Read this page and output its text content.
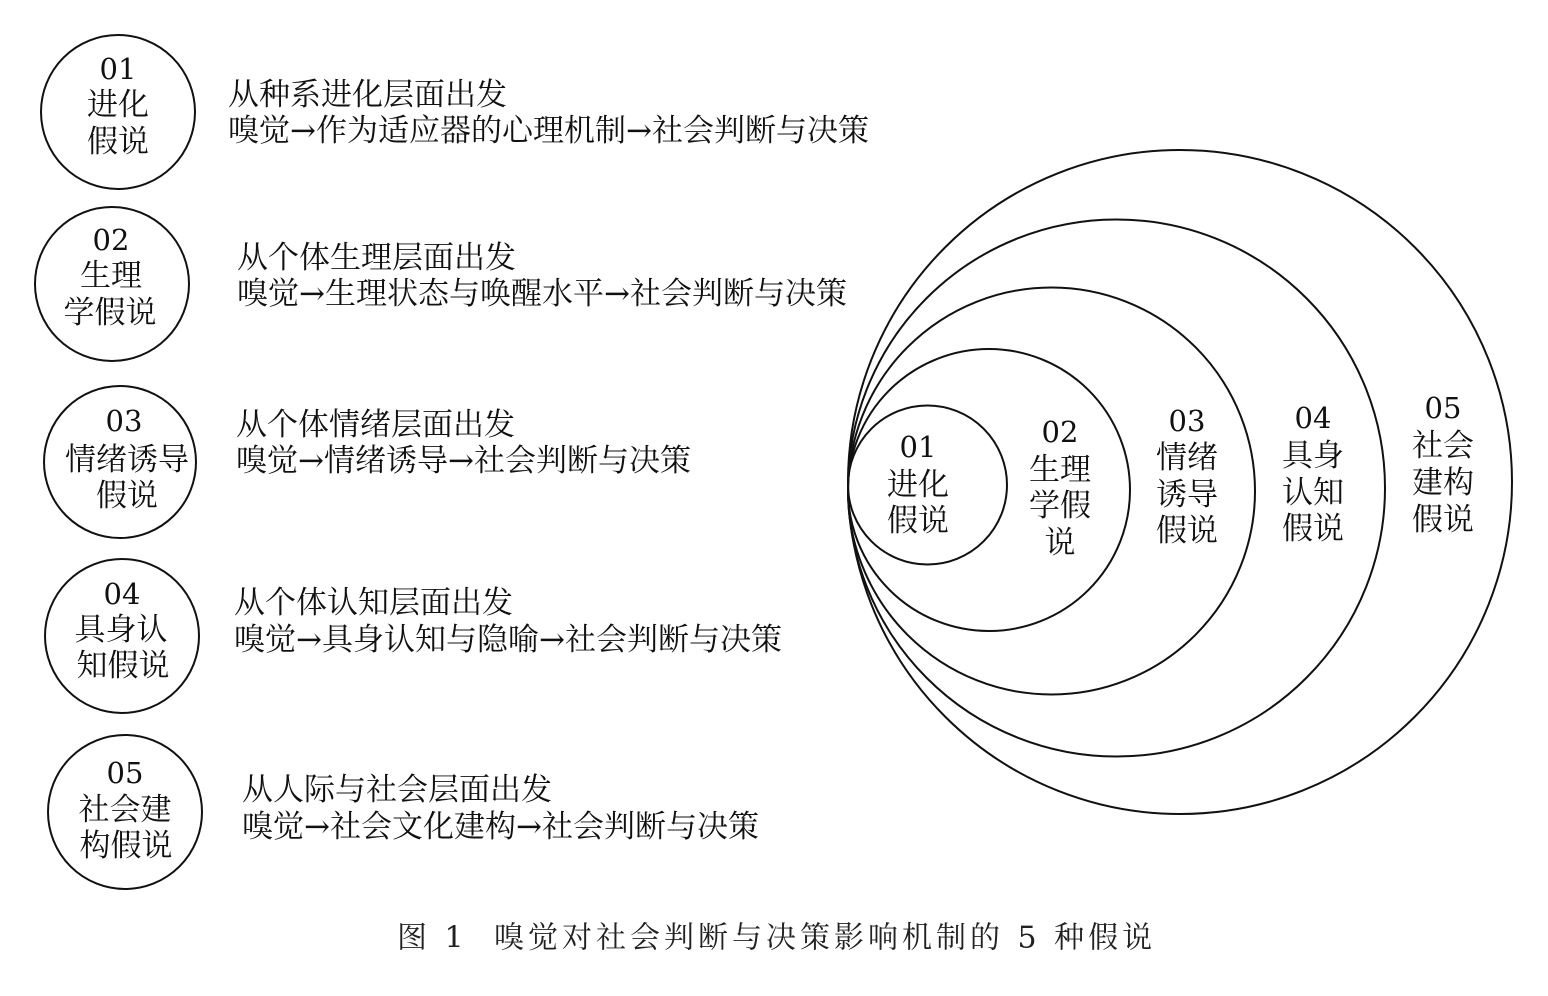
01
进化
假说
从种系进化层面出发
嗅觉→作为适应器的心理机制→社会判断与决策
02
生理
学假说
从个体生理层面出发
嗅觉→生理状态与唤醒水平→社会判断与决策
03
情绪诱导
假说
从个体情绪层面出发
嗅觉→情绪诱导→社会判断与决策
04
具身认
知假说
从个体认知层面出发
嗅觉→具身认知与隐喻→社会判断与决策
05
社会建
构假说
从人际与社会层面出发
嗅觉→社会文化建构→社会判断与决策
01
进化
假说
02
生理
学假
说
03
情绪
诱导
假说
04
具身
认知
假说
05
社会
建构
假说
图 1 嗅觉对社会判断与决策影响机制的 5 种假说
